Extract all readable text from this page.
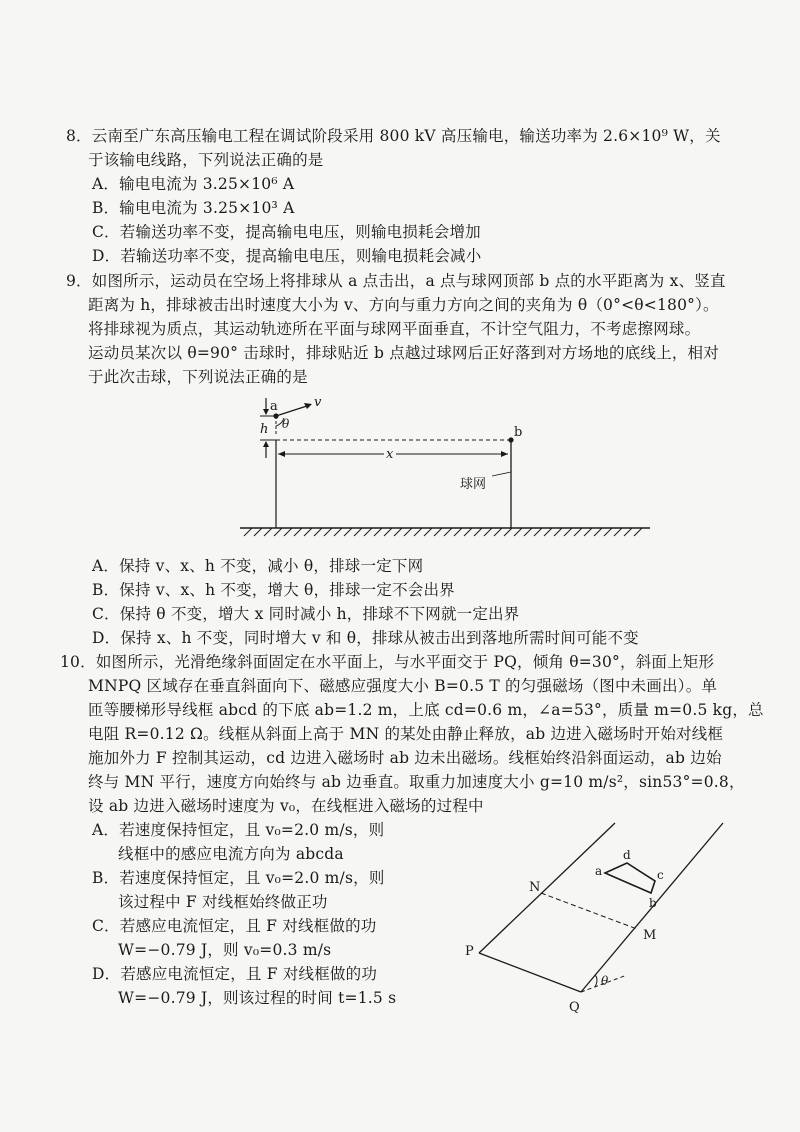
8．云南至广东高压输电工程在调试阶段采用 800 kV 高压输电，输送功率为 2.6×10⁹ W，关
于该输电线路，下列说法正确的是
A．输电电流为 3.25×10⁶ A
B．输电电流为 3.25×10³ A
C．若输送功率不变，提高输电电压，则输电损耗会增加
D．若输送功率不变，提高输电电压，则输电损耗会减小
9．如图所示，运动员在空场上将排球从 a 点击出，a 点与球网顶部 b 点的水平距离为 x、竖直
距离为 h，排球被击出时速度大小为 v、方向与重力方向之间的夹角为 θ（0°<θ<180°）。
将排球视为质点，其运动轨迹所在平面与球网平面垂直，不计空气阻力，不考虑擦网球。
运动员某次以 θ=90° 击球时，排球贴近 b 点越过球网后正好落到对方场地的底线上，相对
于此次击球，下列说法正确的是
h
a	v
θ
x
b
球网
A．保持 v、x、h 不变，减小 θ，排球一定下网
B．保持 v、x、h 不变，增大 θ，排球一定不会出界
C．保持 θ 不变，增大 x 同时减小 h，排球不下网就一定出界
D．保持 x、h 不变，同时增大 v 和 θ，排球从被击出到落地所需时间可能不变
10．如图所示，光滑绝缘斜面固定在水平面上，与水平面交于 PQ，倾角 θ=30°，斜面上矩形
MNPQ 区域存在垂直斜面向下、磁感应强度大小 B=0.5 T 的匀强磁场（图中未画出）。单
匝等腰梯形导线框 abcd 的下底 ab=1.2 m，上底 cd=0.6 m，∠a=53°，质量 m=0.5 kg，总
电阻 R=0.12 Ω。线框从斜面上高于 MN 的某处由静止释放，ab 边进入磁场时开始对线框
施加外力 F 控制其运动，cd 边进入磁场时 ab 边未出磁场。线框始终沿斜面运动，ab 边始
终与 MN 平行，速度方向始终与 ab 边垂直。取重力加速度大小 g=10 m/s²，sin53°=0.8，
设 ab 边进入磁场时速度为 v₀，在线框进入磁场的过程中
A．若速度保持恒定，且 v₀=2.0 m/s，则
线框中的感应电流方向为 abcda
B．若速度保持恒定，且 v₀=2.0 m/s，则
该过程中 F 对线框始终做正功
C．若感应电流恒定，且 F 对线框做的功
W=−0.79 J，则 v₀=0.3 m/s
D．若感应电流恒定，且 F 对线框做的功
W=−0.79 J，则该过程的时间 t=1.5 s
N
M
P
Q
a
d
c
b
θ
